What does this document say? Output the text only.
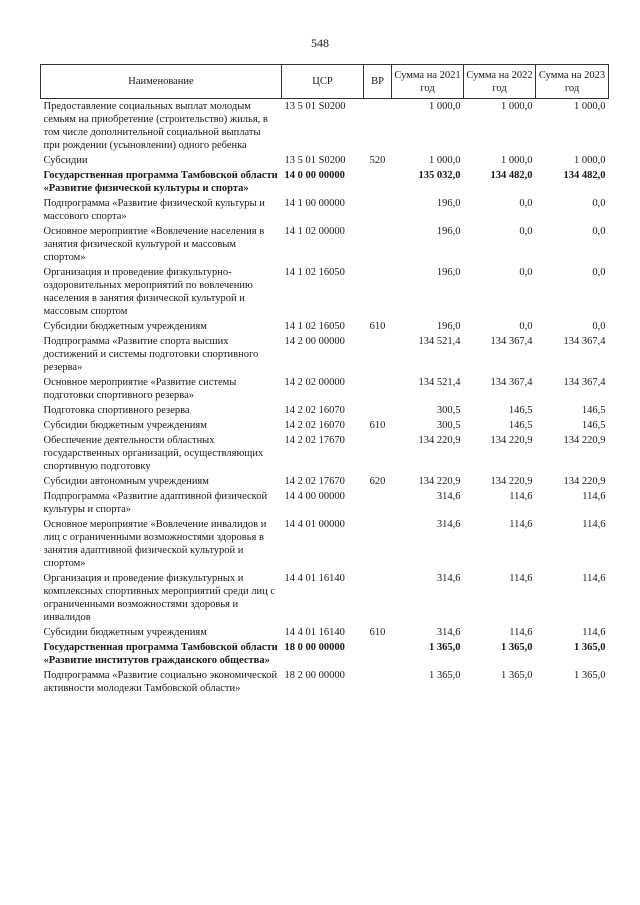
548
Наименование	ЦСР	ВР	Сумма на 2021 год	Сумма на 2022 год	Сумма на 2023 год
Предоставление социальных выплат молодым семьям на приобретение (строительство) жилья, в том числе дополнительной социальной выплаты при рождении (усыновлении) одного ребенка	13 5 01 S0200		1 000,0	1 000,0	1 000,0
Субсидии	13 5 01 S0200	520	1 000,0	1 000,0	1 000,0
Государственная программа Тамбовской области «Развитие физической культуры и спорта»	14 0 00 00000		135 032,0	134 482,0	134 482,0
Подпрограмма «Развитие физической культуры и массового спорта»	14 1 00 00000		196,0	0,0	0,0
Основное мероприятие «Вовлечение населения в занятия физической культурой и массовым спортом»	14 1 02 00000		196,0	0,0	0,0
Организация и проведение физкультурно-оздоровительных мероприятий по вовлечению населения в занятия физической культурой и массовым спортом	14 1 02 16050		196,0	0,0	0,0
Субсидии бюджетным учреждениям	14 1 02 16050	610	196,0	0,0	0,0
Подпрограмма «Развитие спорта высших достижений и системы подготовки спортивного резерва»	14 2 00 00000		134 521,4	134 367,4	134 367,4
Основное мероприятие «Развитие системы подготовки спортивного резерва»	14 2 02 00000		134 521,4	134 367,4	134 367,4
Подготовка спортивного резерва	14 2 02 16070		300,5	146,5	146,5
Субсидии бюджетным учреждениям	14 2 02 16070	610	300,5	146,5	146,5
Обеспечение деятельности областных государственных организаций, осуществляющих спортивную подготовку	14 2 02 17670		134 220,9	134 220,9	134 220,9
Субсидии автономным учреждениям	14 2 02 17670	620	134 220,9	134 220,9	134 220,9
Подпрограмма «Развитие адаптивной физической культуры и спорта»	14 4 00 00000		314,6	114,6	114,6
Основное мероприятие «Вовлечение инвалидов и лиц с ограниченными возможностями здоровья в занятия адаптивной физической культурой и спортом»	14 4 01 00000		314,6	114,6	114,6
Организация и проведение физкультурных и комплексных спортивных мероприятий среди лиц с ограниченными возможностями здоровья и инвалидов	14 4 01 16140		314,6	114,6	114,6
Субсидии бюджетным учреждениям	14 4 01 16140	610	314,6	114,6	114,6
Государственная программа Тамбовской области «Развитие институтов гражданского общества»	18 0 00 00000		1 365,0	1 365,0	1 365,0
Подпрограмма «Развитие социально экономической активности молодежи Тамбовской области»	18 2 00 00000		1 365,0	1 365,0	1 365,0
